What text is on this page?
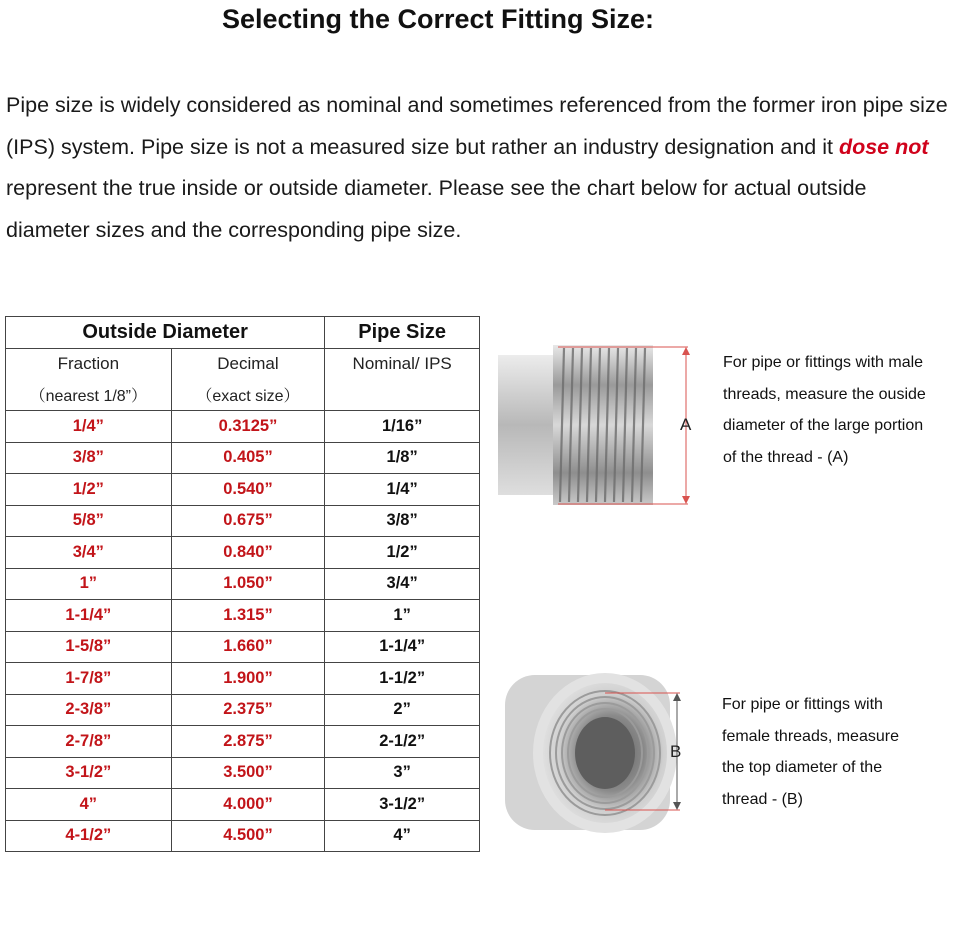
Selecting the Correct Fitting Size:
Pipe size is widely considered as nominal and sometimes referenced from the former iron pipe size (IPS) system. Pipe size is not a measured size but rather an industry designation and it dose not represent the true inside or outside diameter. Please see the chart below for actual outside diameter sizes and the corresponding pipe size.
Outside Diameter		Pipe Size
Fraction	Decimal	Nominal/ IPS
（nearest 1/8”）	（exact size）	
1/4”	0.3125”	1/16”
3/8”	0.405”	1/8”
1/2”	0.540”	1/4”
5/8”	0.675”	3/8”
3/4”	0.840”	1/2”
1”	1.050”	3/4”
1-1/4”	1.315”	1”
1-5/8”	1.660”	1-1/4”
1-7/8”	1.900”	1-1/2”
2-3/8”	2.375”	2”
2-7/8”	2.875”	2-1/2”
3-1/2”	3.500”	3”
4”	4.000”	3-1/2”
4-1/2”	4.500”	4”
A
For pipe or fittings with male
threads, measure the ouside
diameter of the large portion
of the thread - (A)
B
For pipe or fittings with
female threads, measure
the top diameter of the
thread - (B)
